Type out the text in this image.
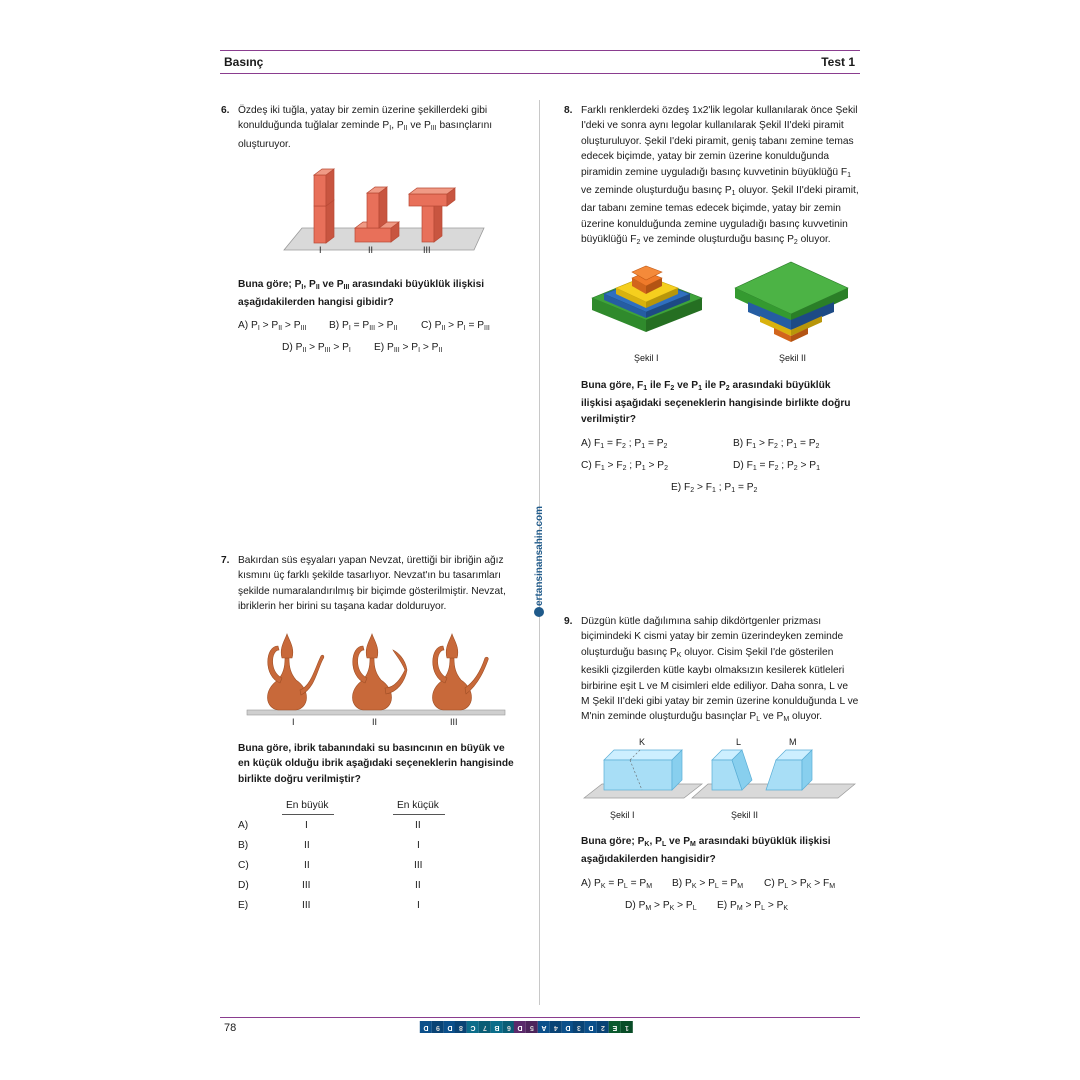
Basınç	Test 1
6. Özdeş iki tuğla, yatay bir zemin üzerine şekillerdeki gibi
konulduğunda tuğlalar zeminde $P_I$, $P_{II}$ ve $P_{III}$ basınçlarını
oluşturuyor.
I	II	III
Buna göre; $P_I$, $P_{II}$ ve $P_{III}$ arasındaki büyüklük ilişkisi
aşağıdakilerden hangisi gibidir?
A) $P_I > P_{II} > P_{III}$ B) $P_I = P_{III} > P_{II}$ C) $P_{II} > P_I = P_{III}$
D) $P_{II} > P_{III} > P_I$ E) $P_{III} > P_I > P_{II}$
7. Bakırdan süs eşyaları yapan Nevzat, ürettiği bir ibriğin ağız
kısmını üç farklı şekilde tasarlıyor. Nevzat'ın bu tasarımları
şekilde numaralandırılmış bir biçimde gösterilmiştir. Nevzat,
ibriklerin her birini su taşana kadar dolduruyor.
I	II	III
Buna göre, ibrik tabanındaki su basıncının en büyük ve
en küçük olduğu ibrik aşağıdaki seçeneklerin hangisinde
birlikte doğru verilmiştir?
En büyük	En küçük
A)	I	II
B)	II	I
C)	II	III
D)	III	II
E)	III	I
8. Farklı renklerdeki özdeş 1x2'lik legolar kullanılarak önce Şekil
I'deki ve sonra aynı legolar kullanılarak Şekil II'deki piramit
oluşturuluyor. Şekil I'deki piramit, geniş tabanı zemine temas
edecek biçimde, yatay bir zemin üzerine konulduğunda
piramidin zemine uyguladığı basınç kuvvetinin büyüklüğü $F_1$
ve zeminde oluşturduğu basınç $P_1$ oluyor. Şekil II'deki piramit,
dar tabanı zemine temas edecek biçimde, yatay bir zemin
üzerine konulduğunda zemine uyguladığı basınç kuvvetinin
büyüklüğü $F_2$ ve zeminde oluşturduğu basınç $P_2$ oluyor.
Şekil I	Şekil II
Buna göre, $F_1$ ile $F_2$ ve $P_1$ ile $P_2$ arasındaki büyüklük
ilişkisi aşağıdaki seçeneklerin hangisinde birlikte doğru
verilmiştir?
A) $F_1 = F_2$ ; $P_1 = P_2$	B) $F_1 > F_2$ ; $P_1 = P_2$
C) $F_1 > F_2$ ; $P_1 > P_2$	D) $F_1 = F_2$ ; $P_2 > P_1$
E) $F_2 > F_1$ ; $P_1 = P_2$
ertansinansahin.com
9. Düzgün kütle dağılımına sahip dikdörtgenler prizması
biçimindeki K cismi yatay bir zemin üzerindeyken zeminde
oluşturduğu basınç $P_K$ oluyor. Cisim Şekil I'de gösterilen
kesikli çizgilerden kütle kaybı olmaksızın kesilerek kütleleri
birbirine eşit L ve M cisimleri elde ediliyor. Daha sonra, L ve
M Şekil II'deki gibi yatay bir zemin üzerine konulduğunda L ve
M'nin zeminde oluşturduğu basınçlar $P_L$ ve $P_M$ oluyor.
K	L	M
Şekil I	Şekil II
Buna göre; $P_K$, $P_L$ ve $P_M$ arasındaki büyüklük ilişkisi
aşağıdakilerden hangisidir?
A) $P_K = P_L = P_M$ B) $P_K > P_L = P_M$ C) $P_L > P_K > F_M$
D) $P_M > P_K > P_L$ E) $P_M > P_L > P_K$
78	D	9	D	8	C	7	B	6	D	5	A	4	D	3	D	2	E	1
